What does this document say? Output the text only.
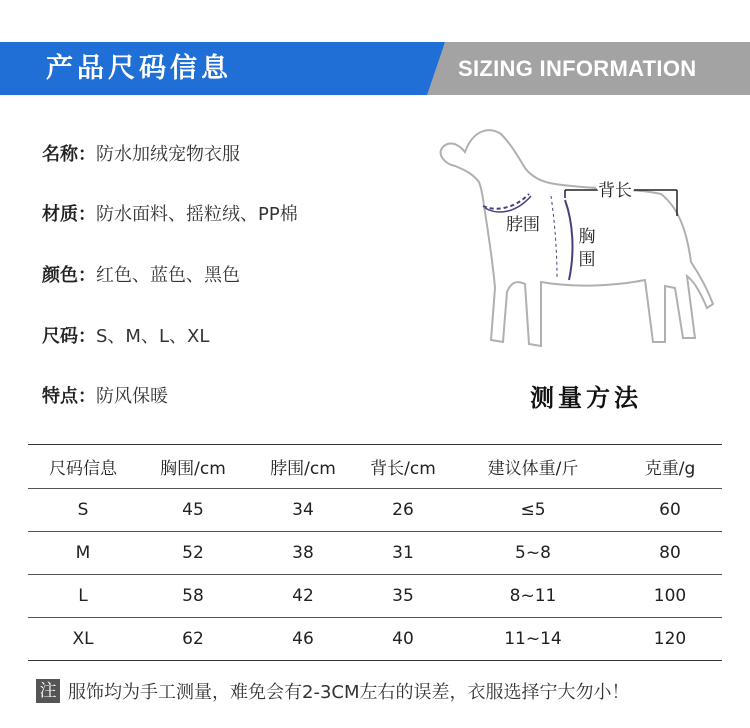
产品尺码信息	SIZING INFORMATION
名称：防水加绒宠物衣服
材质：防水面料、摇粒绒、PP棉
颜色：红色、蓝色、黑色
尺码：S、M、L、XL
特点：防风保暖
背长
脖围
胸
围
测量方法
尺码信息	胸围/cm	脖围/cm	背长/cm	建议体重/斤	克重/g
S	45	34	26	≤5	60
M	52	38	31	5~8	80
L	58	42	35	8~11	100
XL	62	46	40	11~14	120
注 服饰均为手工测量，难免会有2-3CM左右的误差，衣服选择宁大勿小！
